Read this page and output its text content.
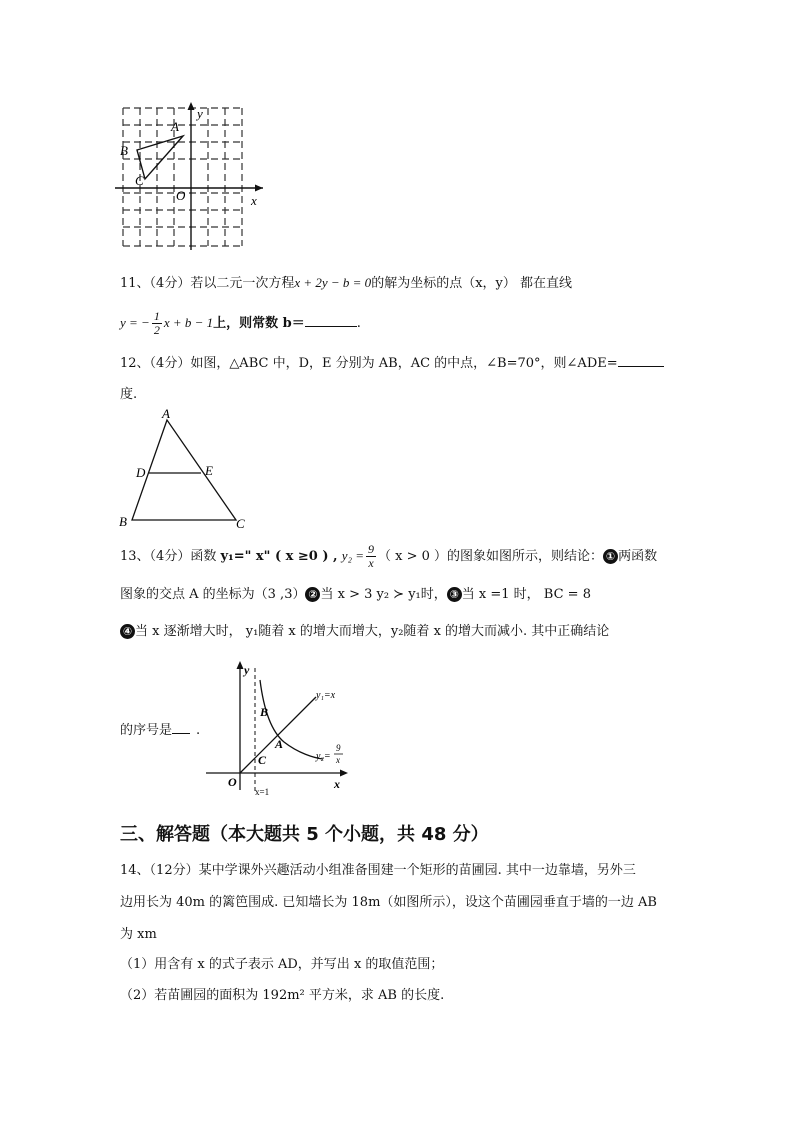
A
B
C
O	x
y
11、（4分）若以二元一次方程x + 2y − b = 0的解为坐标的点（x，y） 都在直线
y = − $\frac{1}{2}$ x + b − 1上，则常数 b＝	.
12、（4分）如图，△ABC 中，D，E 分别为 AB，AC 的中点，∠B=70°，则∠ADE=
度.
A
D	E
B	C
13、（4分）函数 y₁=" x" ( x ≥0 ) , $y_2 = \frac{9}{x}$ （ x > 0 ）的图象如图所示，则结论： ① 两函数
图象的交点 A 的坐标为（3 ,3） ② 当 x > 3 y₂ ≻ y₁时， ③ 当 x =1 时， BC = 8
④ 当 x 逐渐增大时， y₁随着 x 的增大而增大，y₂随着 x 的增大而减小. 其中正确结论
的序号是 .
y
x
O
B
A
C
x=1
y₁=x
y₂=
9
x
三、解答题（本大题共 5 个小题，共 48 分）
14、（12分）某中学课外兴趣活动小组准备围建一个矩形的苗圃园. 其中一边靠墙，另外三
边用长为 40m 的篱笆围成. 已知墙长为 18m（如图所示），设这个苗圃园垂直于墙的一边 AB
为 xm
（1）用含有 x 的式子表示 AD，并写出 x 的取值范围；
（2）若苗圃园的面积为 192m² 平方米，求 AB 的长度.
